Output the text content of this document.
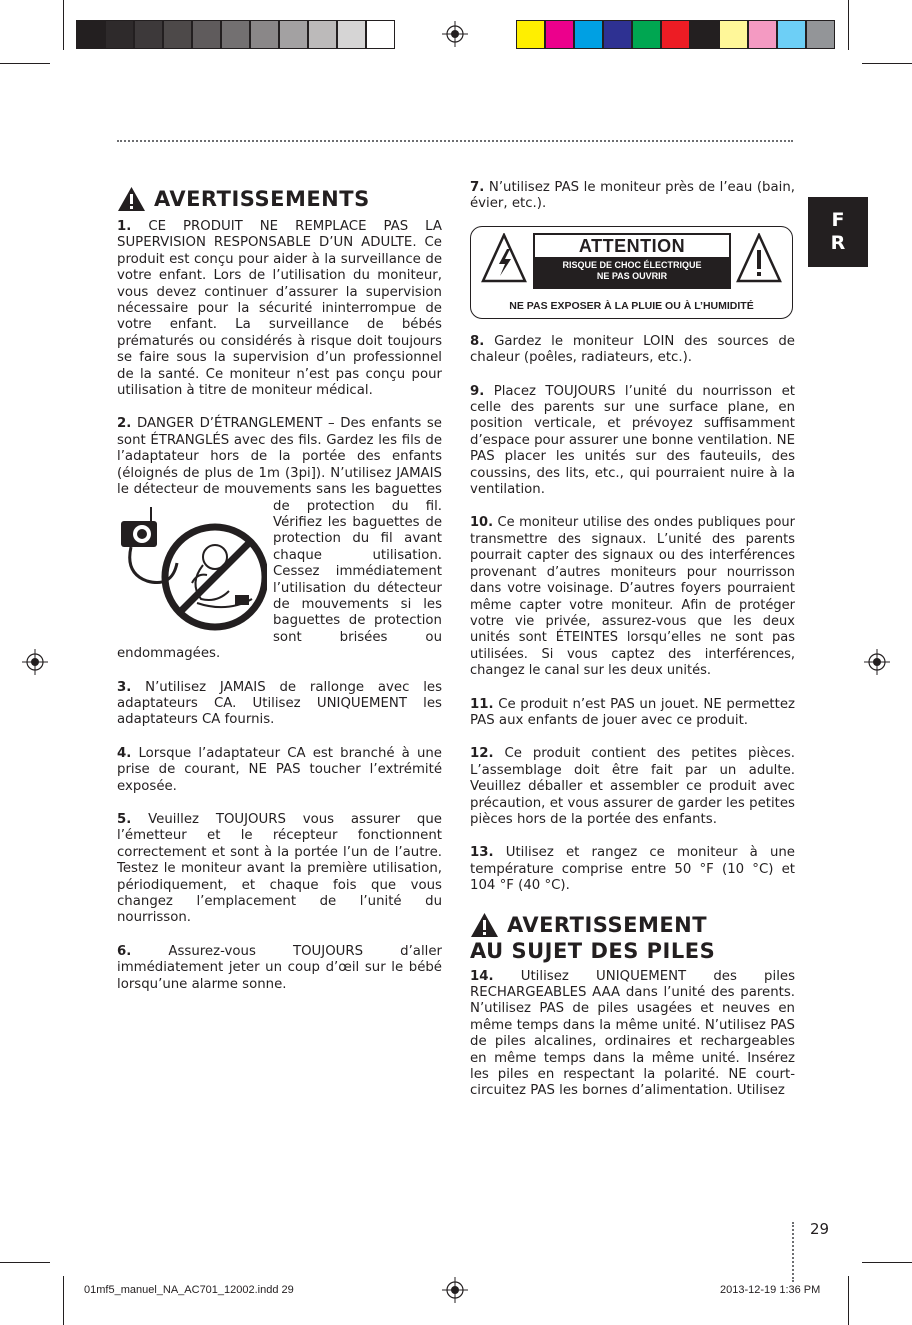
F
R
AVERTISSEMENTS

1. CE PRODUIT NE REMPLACE PAS LA SUPERVISION RESPONSABLE D’UN ADULTE. Ce produit est conçu pour aider à la surveillance de votre enfant. Lors de l’utilisation du moniteur, vous devez continuer d’assurer la supervision nécessaire pour la sécurité ininterrompue de votre enfant. La surveillance de bébés prématurés ou considérés à risque doit toujours se faire sous la supervision d’un professionnel de la santé. Ce moniteur n’est pas conçu pour utilisation à titre de moniteur médical.

2. DANGER D’ÉTRANGLEMENT – Des enfants se sont ÉTRANGLÉS avec des fils. Gardez les fils de l’adaptateur hors de la portée des enfants (éloignés de plus de 1m (3pi]). N’utilisez JAMAIS le détecteur de mouvements sans les baguettes de
protection du fil. Vérifiez les baguettes de protection du fil avant chaque utilisation. Cessez immédiatement l’utilisation du détecteur de mouvements si les baguettes de protection sont brisées ou endommagées.

3. N’utilisez JAMAIS de rallonge avec les adaptateurs CA. Utilisez UNIQUEMENT les adaptateurs CA fournis.

4. Lorsque l’adaptateur CA est branché à une prise de courant, NE PAS toucher l’extrémité exposée.

5. Veuillez TOUJOURS vous assurer que l’émetteur et le récepteur fonctionnent correctement et sont à la portée l’un de l’autre. Testez le moniteur avant la première utilisation, périodiquement, et chaque fois que vous changez l’emplacement de l’unité du nourrisson.

6. Assurez-vous TOUJOURS d’aller immédiatement jeter un coup d’œil sur le bébé lorsqu’une alarme sonne.

7. N’utilisez PAS le moniteur près de l’eau (bain, évier, etc.).

ATTENTION
RISQUE DE CHOC ÉLECTRIQUE
NE PAS OUVRIR
NE PAS EXPOSER À LA PLUIE OU À L’HUMIDITÉ

8. Gardez le moniteur LOIN des sources de chaleur (poêles, radiateurs, etc.).

9. Placez TOUJOURS l’unité du nourrisson et celle des parents sur une surface plane, en position verticale, et prévoyez suffisamment d’espace pour assurer une bonne ventilation. NE PAS placer les unités sur des fauteuils, des coussins, des lits, etc., qui pourraient nuire à la ventilation.

10. Ce moniteur utilise des ondes publiques pour transmettre des signaux. L’unité des parents pourrait capter des signaux ou des interférences provenant d’autres moniteurs pour nourrisson dans votre voisinage. D’autres foyers pourraient même capter votre moniteur. Afin de protéger votre vie privée, assurez-vous que les deux unités sont ÉTEINTES lorsqu’elles ne sont pas utilisées. Si vous captez des interférences, changez le canal sur les deux unités.

11. Ce produit n’est PAS un jouet. NE permettez PAS aux enfants de jouer avec ce produit.

12. Ce produit contient des petites pièces. L’assemblage doit être fait par un adulte. Veuillez déballer et assembler ce produit avec précaution, et vous assurer de garder les petites pièces hors de la portée des enfants.

13. Utilisez et rangez ce moniteur à une température comprise entre 50 °F (10 °C) et 104 °F (40 °C).

AVERTISSEMENT
AU SUJET DES PILES

14. Utilisez UNIQUEMENT des piles RECHARGEABLES AAA dans l’unité des parents. N’utilisez PAS de piles usagées et neuves en même temps dans la même unité. N’utilisez PAS de piles alcalines, ordinaires et rechargeables en même temps dans la même unité. Insérez les piles en respectant la polarité. NE court-circuitez PAS les bornes d’alimentation. Utilisez

29
01mf5_manuel_NA_AC701_12002.indd 29	2013-12-19 1:36 PM
